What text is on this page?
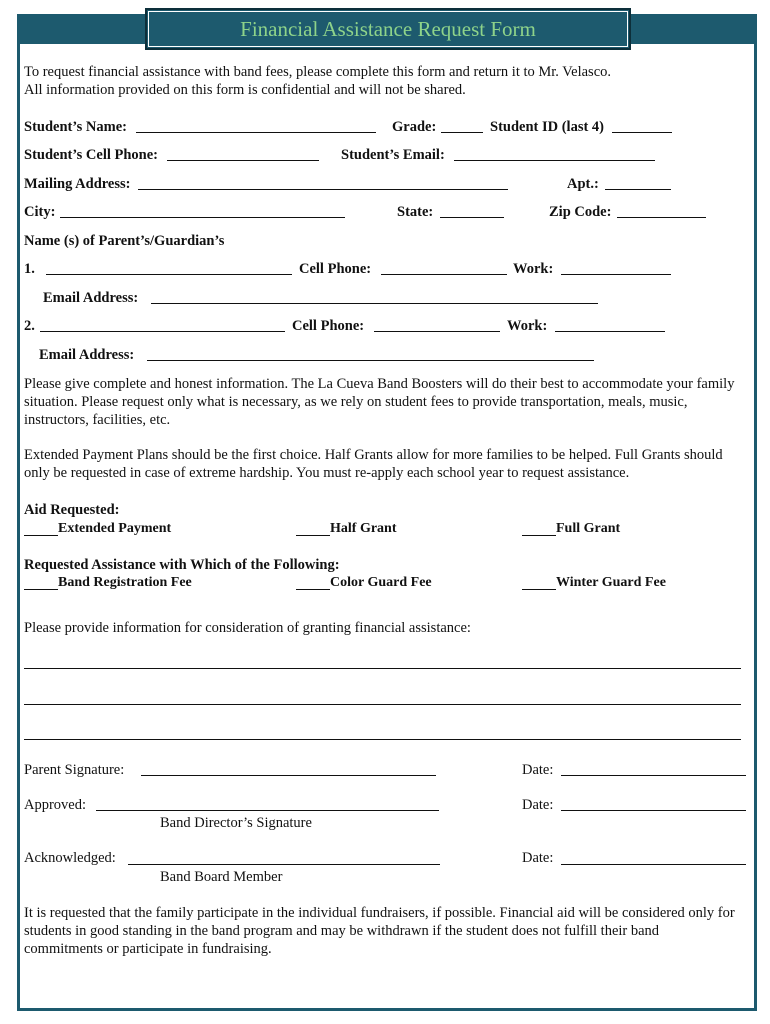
Financial Assistance Request Form
To request financial assistance with band fees, please complete this form and return it to Mr. Velasco.
All information provided on this form is confidential and will not be shared.
Student’s Name:	Grade:	Student ID (last 4)
Student’s Cell Phone:	Student’s Email:
Mailing Address:	Apt.:
City:	State:	Zip Code:
Name (s) of Parent’s/Guardian’s
1.	Cell Phone:	Work:
Email Address:
2.	Cell Phone:	Work:
Email Address:
Please give complete and honest information. The La Cueva Band Boosters will do their best to accommodate your family situation. Please request only what is necessary, as we rely on student fees to provide transportation, meals, music, instructors, facilities, etc.
Extended Payment Plans should be the first choice. Half Grants allow for more families to be helped. Full Grants should only be requested in case of extreme hardship. You must re-apply each school year to request assistance.
Aid Requested:
Extended Payment	Half Grant	Full Grant
Requested Assistance with Which of the Following:
Band Registration Fee	Color Guard Fee	Winter Guard Fee
Please provide information for consideration of granting financial assistance:
Parent Signature:	Date:
Approved:	Date:
Band Director’s Signature
Acknowledged:	Date:
Band Board Member
It is requested that the family participate in the individual fundraisers, if possible. Financial aid will be considered only for students in good standing in the band program and may be withdrawn if the student does not fulfill their band commitments or participate in fundraising.
